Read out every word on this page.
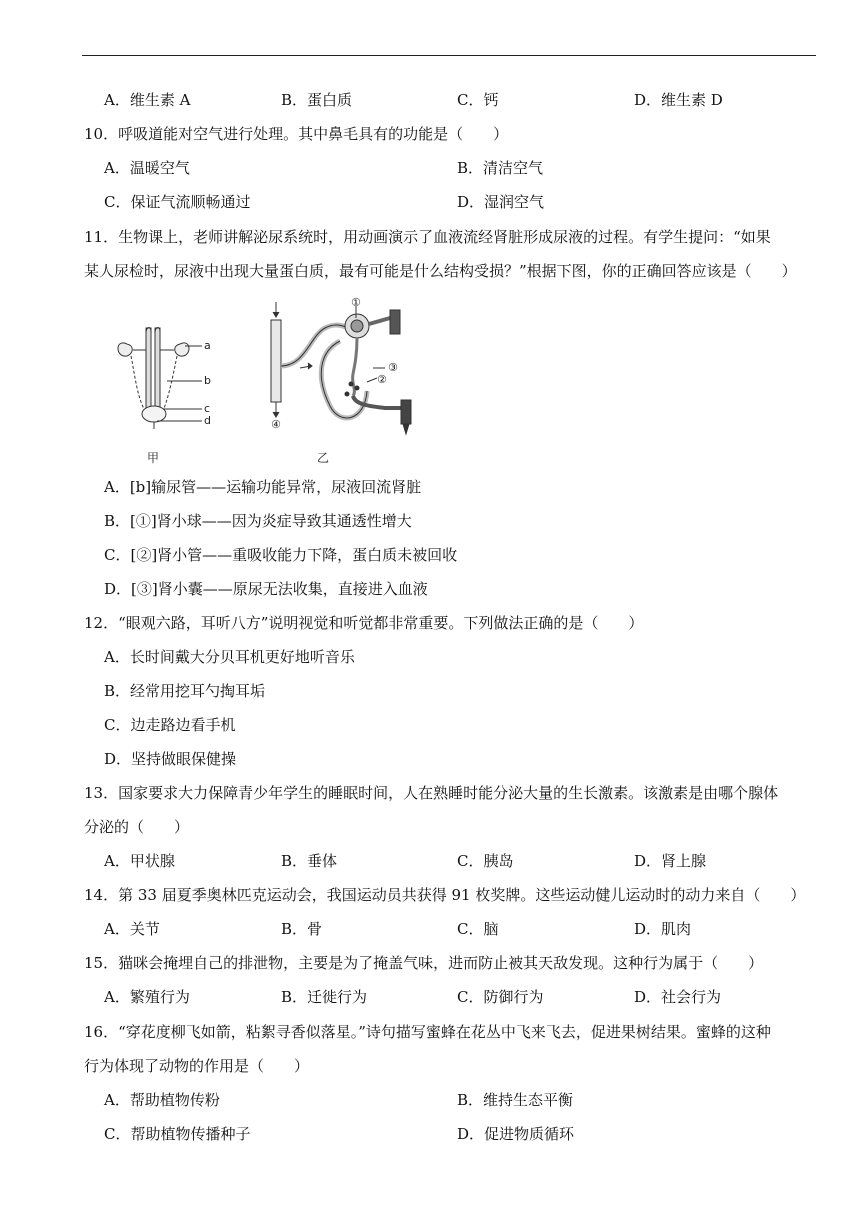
A．维生素 A	B．蛋白质	C．钙	D．维生素 D
10．呼吸道能对空气进行处理。其中鼻毛具有的功能是（　　）
A．温暖空气	B．清洁空气
C．保证气流顺畅通过	D．湿润空气
11．生物课上，老师讲解泌尿系统时，用动画演示了血液流经肾脏形成尿液的过程。有学生提问：“如果
某人尿检时，尿液中出现大量蛋白质，最有可能是什么结构受损？”根据下图，你的正确回答应该是（　　）
a
b
c
d
甲
①
②
③
④
乙
A．[b]输尿管——运输功能异常，尿液回流肾脏
B．[①]肾小球——因为炎症导致其通透性增大
C．[②]肾小管——重吸收能力下降，蛋白质未被回收
D．[③]肾小囊——原尿无法收集，直接进入血液
12．“眼观六路，耳听八方”说明视觉和听觉都非常重要。下列做法正确的是（　　）
A．长时间戴大分贝耳机更好地听音乐
B．经常用挖耳勺掏耳垢
C．边走路边看手机
D．坚持做眼保健操
13．国家要求大力保障青少年学生的睡眠时间，人在熟睡时能分泌大量的生长激素。该激素是由哪个腺体
分泌的（　　）
A．甲状腺	B．垂体	C．胰岛	D．肾上腺
14．第 33 届夏季奥林匹克运动会，我国运动员共获得 91 枚奖牌。这些运动健儿运动时的动力来自（　　）
A．关节	B．骨	C．脑	D．肌肉
15．猫咪会掩埋自己的排泄物，主要是为了掩盖气味，进而防止被其天敌发现。这种行为属于（　　）
A．繁殖行为	B．迁徙行为	C．防御行为	D．社会行为
16．“穿花度柳飞如箭，粘絮寻香似落星。”诗句描写蜜蜂在花丛中飞来飞去，促进果树结果。蜜蜂的这种
行为体现了动物的作用是（　　）
A．帮助植物传粉	B．维持生态平衡
C．帮助植物传播种子	D．促进物质循环
